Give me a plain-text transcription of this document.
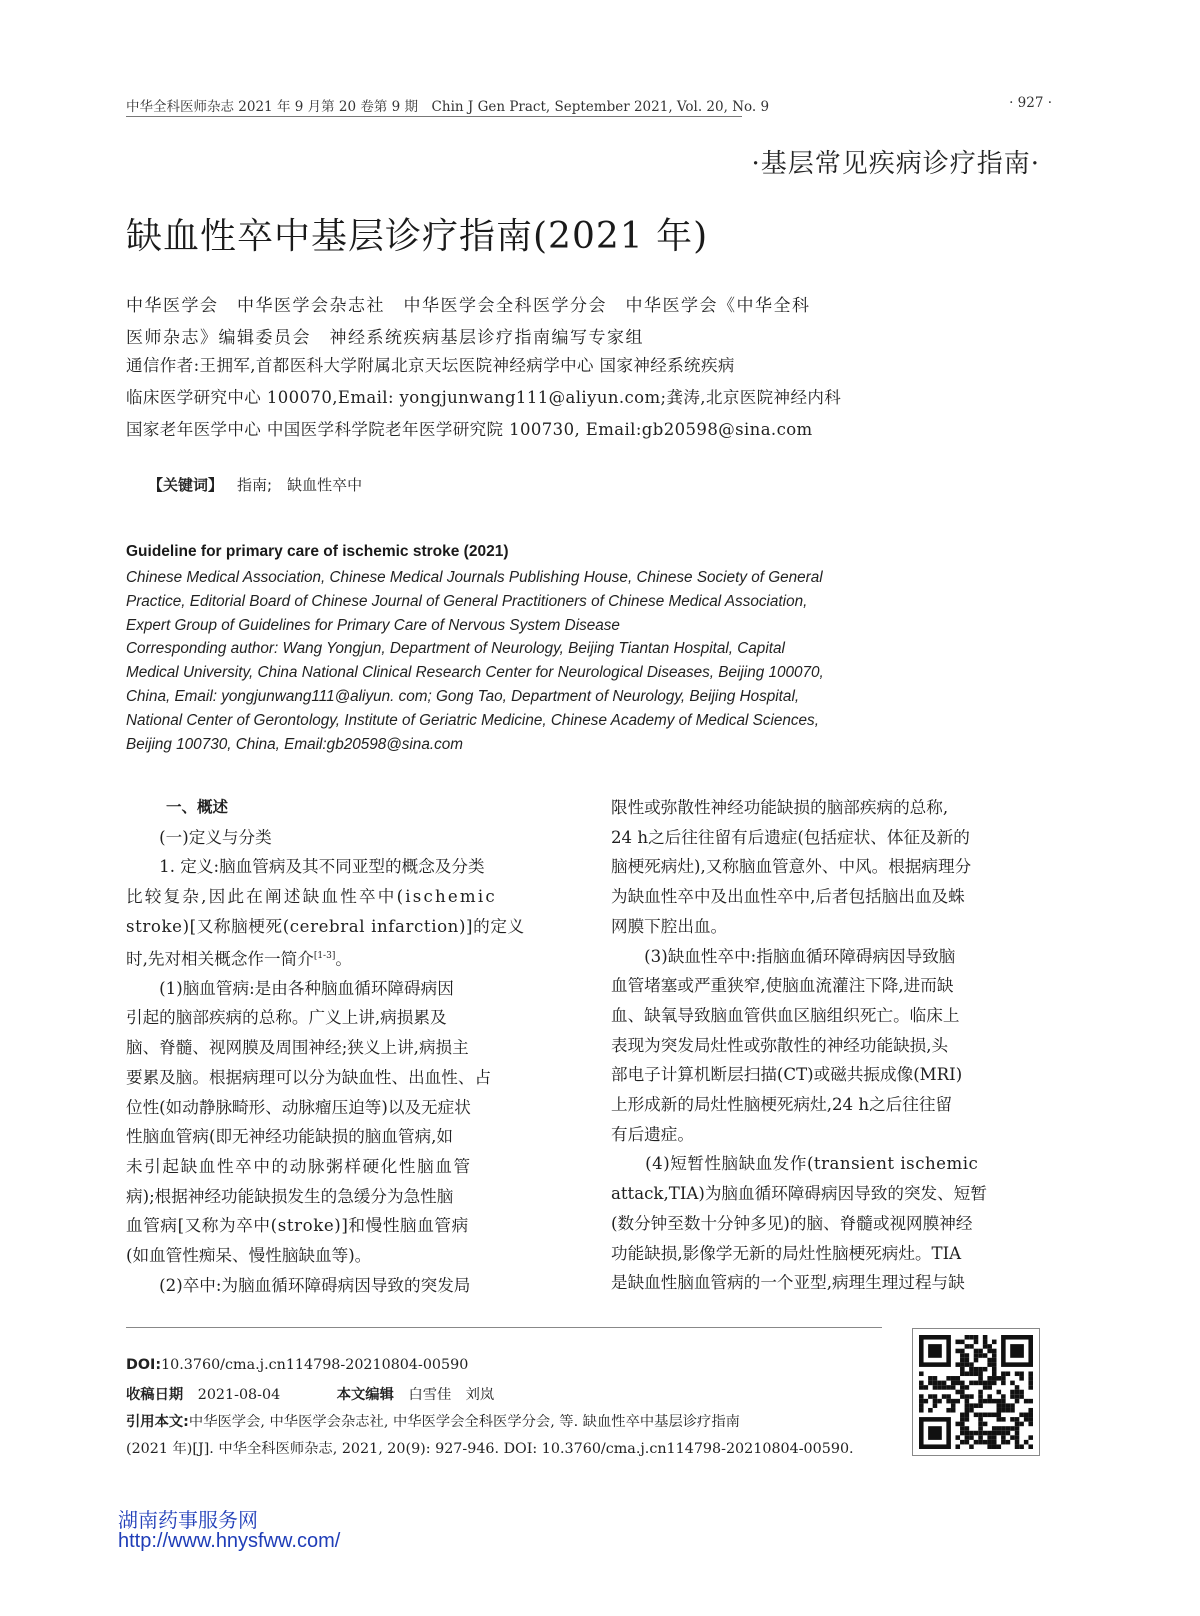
中华全科医师杂志 2021 年 9 月第 20 卷第 9 期　Chin J Gen Pract, September 2021, Vol. 20, No. 9	· 927 ·
·基层常见疾病诊疗指南·
缺血性卒中基层诊疗指南(2021 年)
中华医学会　中华医学会杂志社　中华医学会全科医学分会　中华医学会《中华全科
医师杂志》编辑委员会　神经系统疾病基层诊疗指南编写专家组
通信作者:王拥军,首都医科大学附属北京天坛医院神经病学中心 国家神经系统疾病
临床医学研究中心 100070,Email: yongjunwang111@aliyun.com;龚涛,北京医院神经内科
国家老年医学中心 中国医学科学院老年医学研究院 100730, Email:gb20598@sina.com
【关键词】 指南;　缺血性卒中
Guideline for primary care of ischemic stroke (2021)
Chinese Medical Association, Chinese Medical Journals Publishing House, Chinese Society of General
Practice, Editorial Board of Chinese Journal of General Practitioners of Chinese Medical Association,
Expert Group of Guidelines for Primary Care of Nervous System Disease
Corresponding author: Wang Yongjun, Department of Neurology, Beijing Tiantan Hospital, Capital
Medical University, China National Clinical Research Center for Neurological Diseases, Beijing 100070,
China, Email: yongjunwang111@aliyun. com; Gong Tao, Department of Neurology, Beijing Hospital,
National Center of Gerontology, Institute of Geriatric Medicine, Chinese Academy of Medical Sciences,
Beijing 100730, China, Email:gb20598@sina.com
一、概述
　　(一)定义与分类
　　1. 定义:脑血管病及其不同亚型的概念及分类
比较复杂,因此在阐述缺血性卒中(ischemic
stroke)[又称脑梗死(cerebral infarction)]的定义
时,先对相关概念作一简介[1-3]。
　　(1)脑血管病:是由各种脑血循环障碍病因
引起的脑部疾病的总称。广义上讲,病损累及
脑、脊髓、视网膜及周围神经;狭义上讲,病损主
要累及脑。根据病理可以分为缺血性、出血性、占
位性(如动静脉畸形、动脉瘤压迫等)以及无症状
性脑血管病(即无神经功能缺损的脑血管病,如
未引起缺血性卒中的动脉粥样硬化性脑血管
病);根据神经功能缺损发生的急缓分为急性脑
血管病[又称为卒中(stroke)]和慢性脑血管病
(如血管性痴呆、慢性脑缺血等)。
　　(2)卒中:为脑血循环障碍病因导致的突发局
限性或弥散性神经功能缺损的脑部疾病的总称,
24 h之后往往留有后遗症(包括症状、体征及新的
脑梗死病灶),又称脑血管意外、中风。根据病理分
为缺血性卒中及出血性卒中,后者包括脑出血及蛛
网膜下腔出血。
　　(3)缺血性卒中:指脑血循环障碍病因导致脑
血管堵塞或严重狭窄,使脑血流灌注下降,进而缺
血、缺氧导致脑血管供血区脑组织死亡。临床上
表现为突发局灶性或弥散性的神经功能缺损,头
部电子计算机断层扫描(CT)或磁共振成像(MRI)
上形成新的局灶性脑梗死病灶,24 h之后往往留
有后遗症。
　　(4)短暂性脑缺血发作(transient ischemic
attack,TIA)为脑血循环障碍病因导致的突发、短暂
(数分钟至数十分钟多见)的脑、脊髓或视网膜神经
功能缺损,影像学无新的局灶性脑梗死病灶。TIA
是缺血性脑血管病的一个亚型,病理生理过程与缺
DOI:10.3760/cma.j.cn114798-20210804-00590
收稿日期 2021-08-04	本文编辑 白雪佳　刘岚
引用本文:中华医学会, 中华医学会杂志社, 中华医学会全科医学分会, 等. 缺血性卒中基层诊疗指南
(2021 年)[J]. 中华全科医师杂志, 2021, 20(9): 927-946. DOI: 10.3760/cma.j.cn114798-20210804-00590.
湖南药事服务网
http://www.hnysfww.com/
